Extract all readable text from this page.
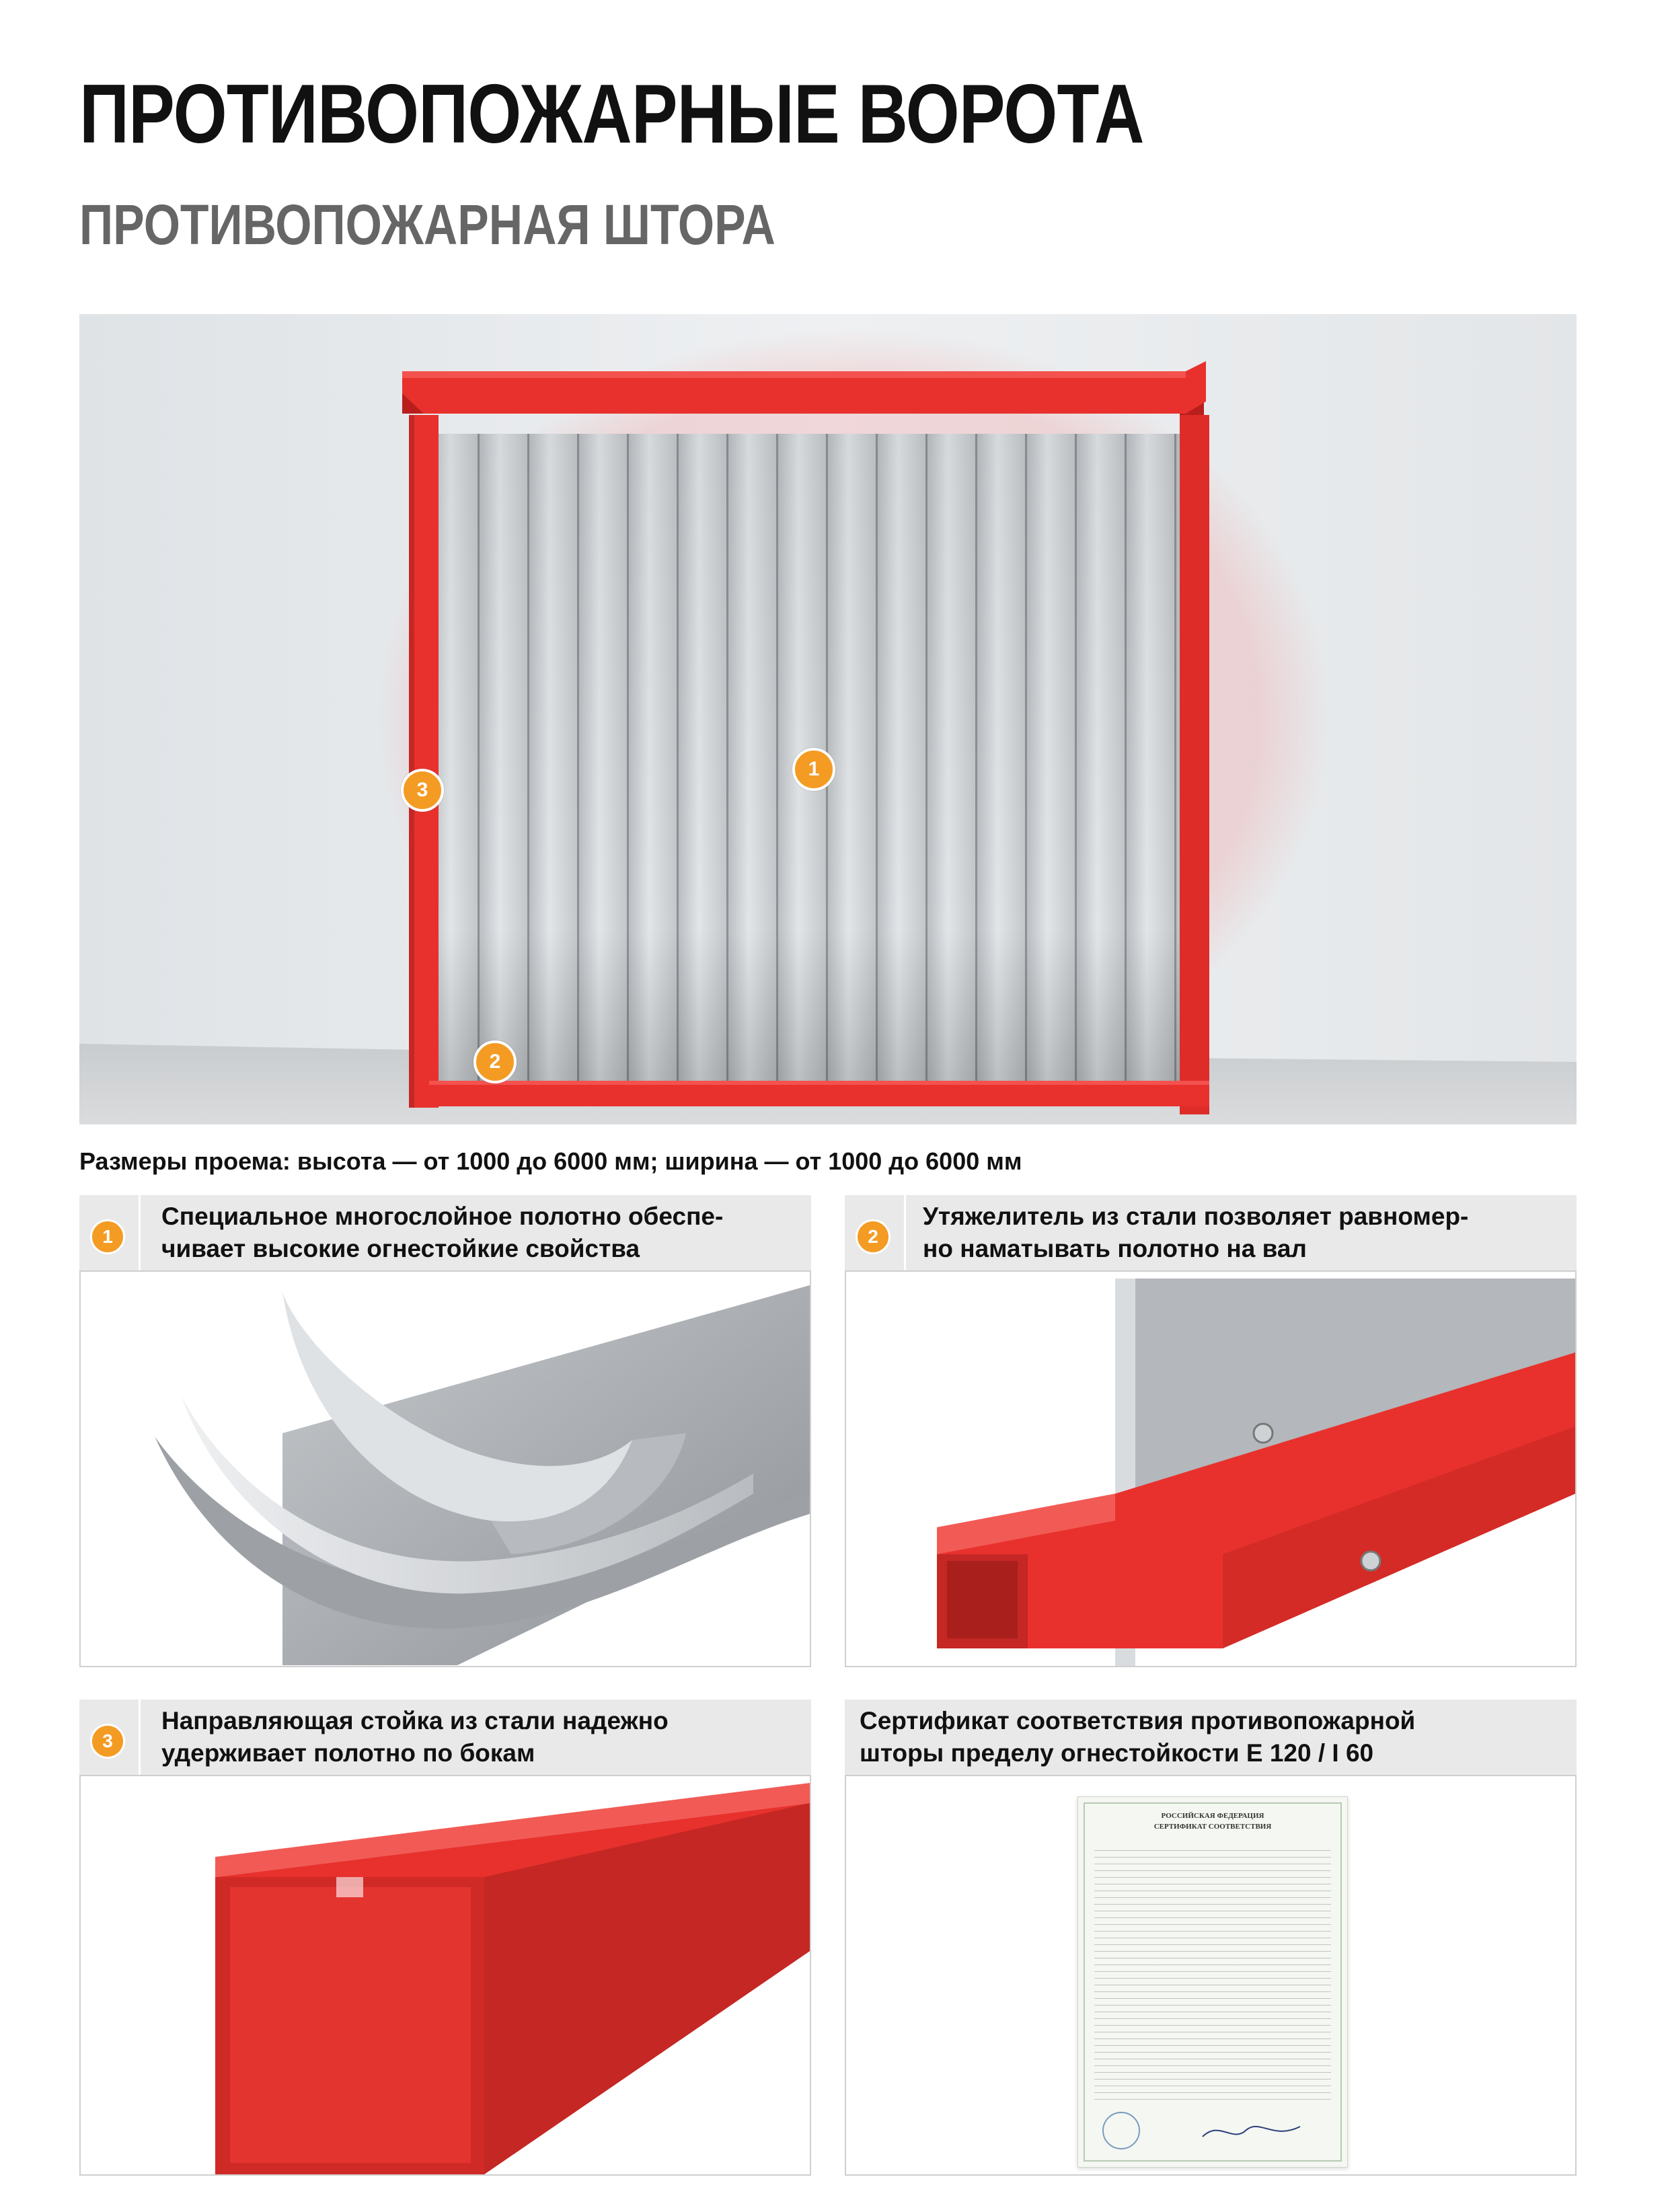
ПРОТИВОПОЖАРНЫЕ ВОРОТА
ПРОТИВОПОЖАРНАЯ ШТОРА
1
3
2
Размеры проема: высота — от 1000 до 6000 мм; ширина — от 1000 до 6000 мм
1
Специальное многослойное полотно обеспе-
чивает высокие огнестойкие свойства	2
Утяжелитель из стали позволяет равномер-
но наматывать полотно на вал
3
Направляющая стойка из стали надежно
удерживает полотно по бокам
Сертификат соответствия противопожарной
шторы пределу огнестойкости Е 120 / I 60
РОССИЙСКАЯ ФЕДЕРАЦИЯ
СЕРТИФИКАТ СООТВЕТСТВИЯ
